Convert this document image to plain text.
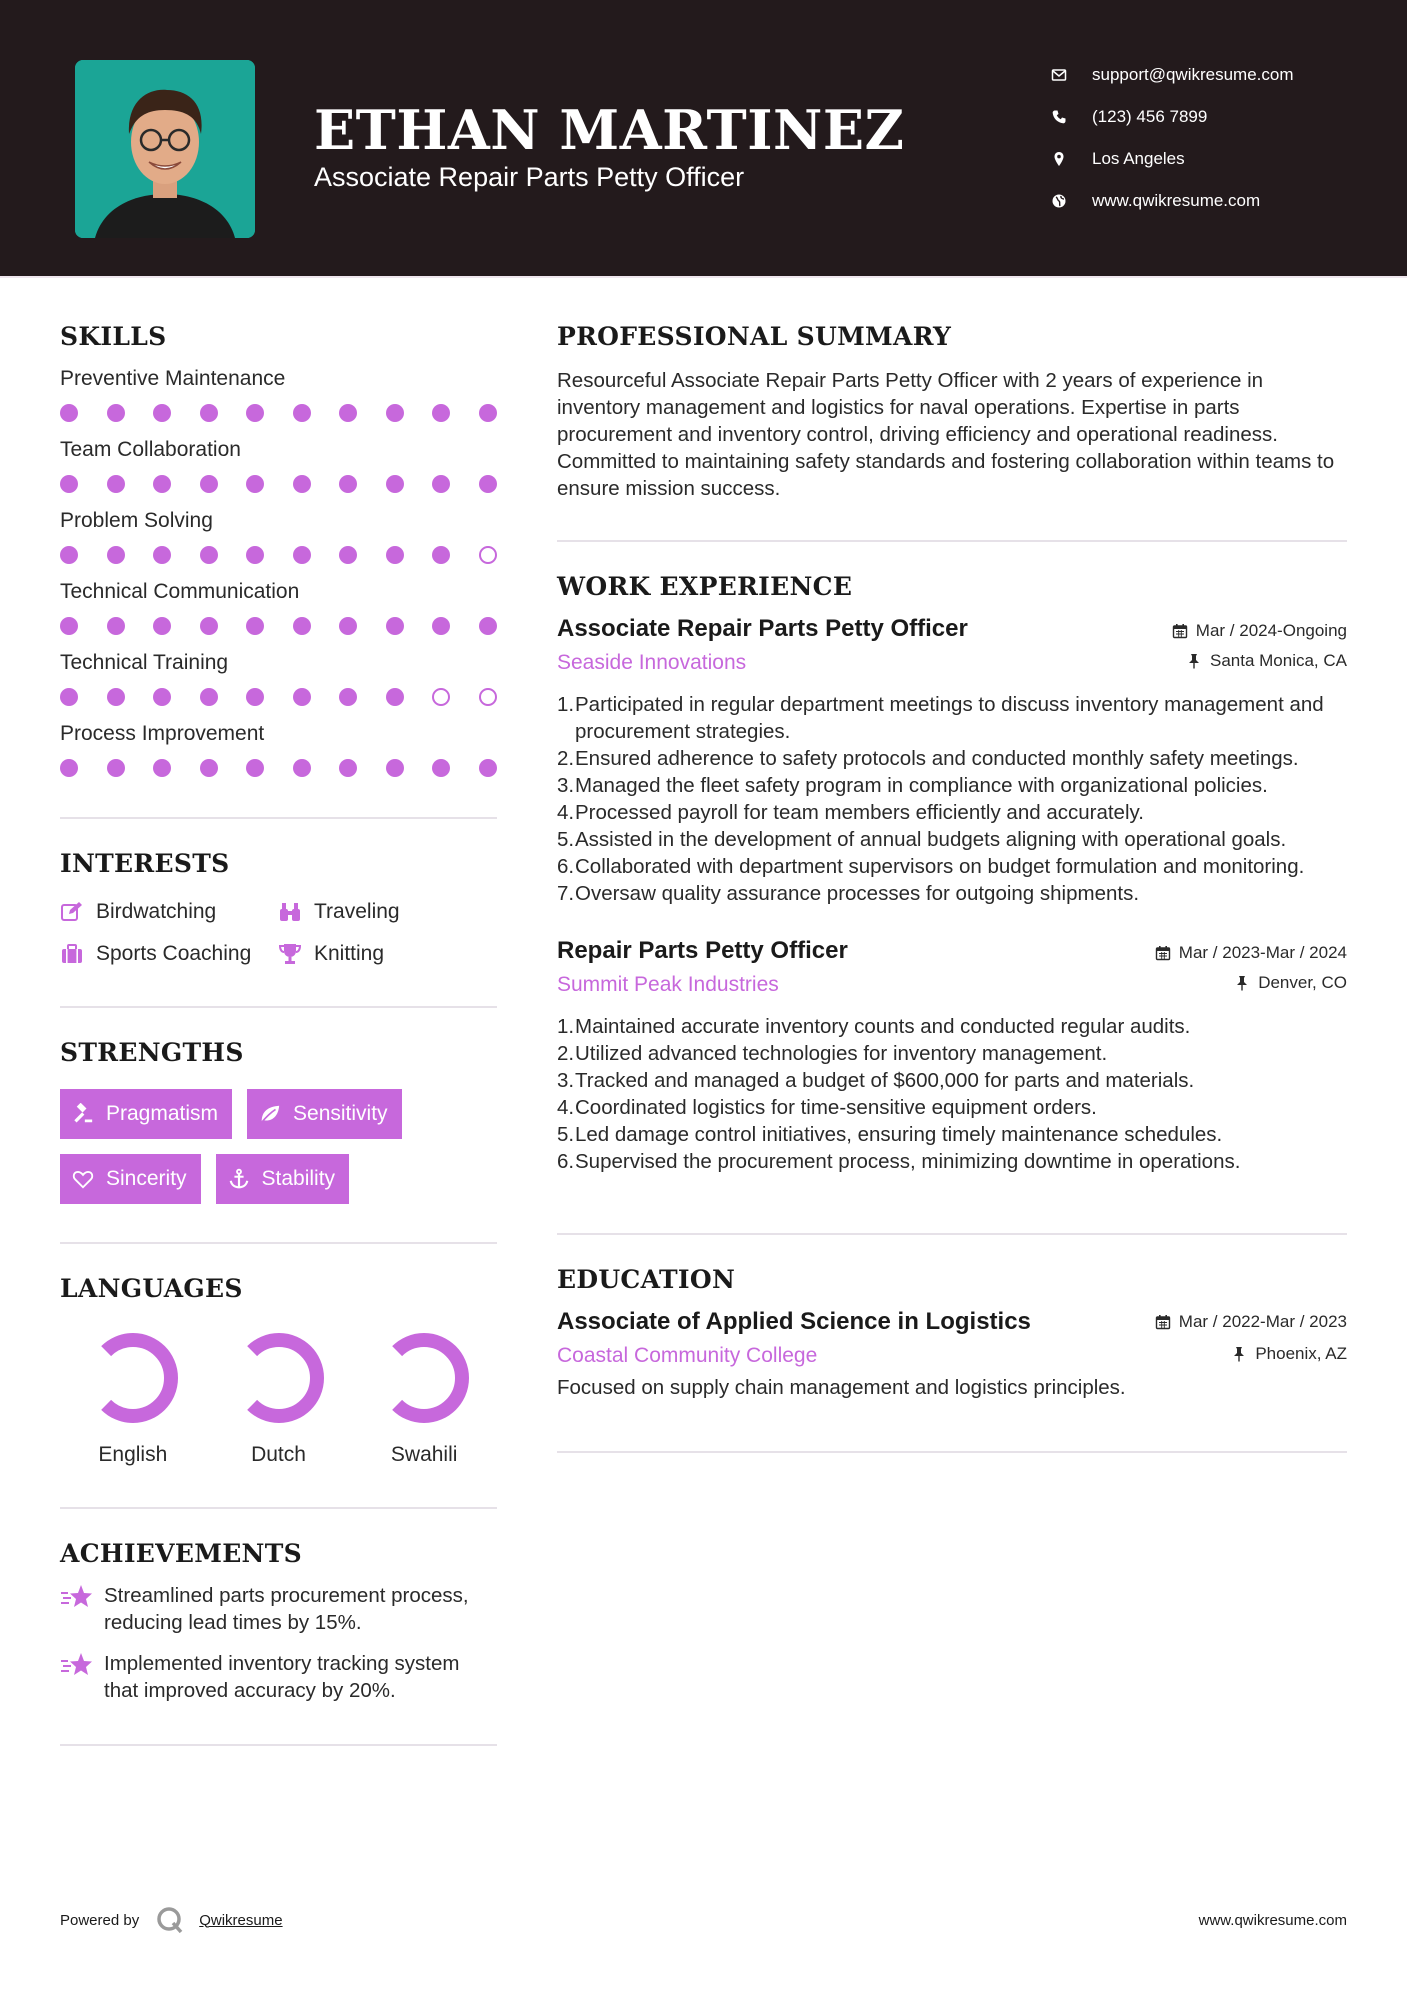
ETHAN MARTINEZ

Associate Repair Parts Petty Officer

support@qwikresume.com
(123) 456 7899
Los Angeles
www.qwikresume.com
SKILLS
Preventive Maintenance
Team Collaboration
Problem Solving
Technical Communication
Technical Training
Process Improvement
INTERESTS
Birdwatching	Traveling
Sports Coaching	Knitting
STRENGTHS
Pragmatism	Sensitivity
Sincerity	Stability
LANGUAGES
English	Dutch	Swahili
ACHIEVEMENTS
Streamlined parts procurement process, reducing lead times by 15%.
Implemented inventory tracking system that improved accuracy by 20%.
PROFESSIONAL SUMMARY

Resourceful Associate Repair Parts Petty Officer with 2 years of experience in inventory management and logistics for naval operations. Expertise in parts procurement and inventory control, driving efficiency and operational readiness. Committed to maintaining safety standards and fostering collaboration within teams to ensure mission success.

WORK EXPERIENCE
Associate Repair Parts Petty Officer	Mar / 2024-Ongoing
Seaside Innovations	Santa Monica, CA
Participated in regular department meetings to discuss inventory management and procurement strategies.
Ensured adherence to safety protocols and conducted monthly safety meetings.
Managed the fleet safety program in compliance with organizational policies.
Processed payroll for team members efficiently and accurately.
Assisted in the development of annual budgets aligning with operational goals.
Collaborated with department supervisors on budget formulation and monitoring.
Oversaw quality assurance processes for outgoing shipments.
Repair Parts Petty Officer	Mar / 2023-Mar / 2024
Summit Peak Industries	Denver, CO
Maintained accurate inventory counts and conducted regular audits.
Utilized advanced technologies for inventory management.
Tracked and managed a budget of $600,000 for parts and materials.
Coordinated logistics for time-sensitive equipment orders.
Led damage control initiatives, ensuring timely maintenance schedules.
Supervised the procurement process, minimizing downtime in operations.
EDUCATION
Associate of Applied Science in Logistics	Mar / 2022-Mar / 2023
Coastal Community College	Phoenix, AZ

Focused on supply chain management and logistics principles.

Powered by	Qwikresume	www.qwikresume.com
